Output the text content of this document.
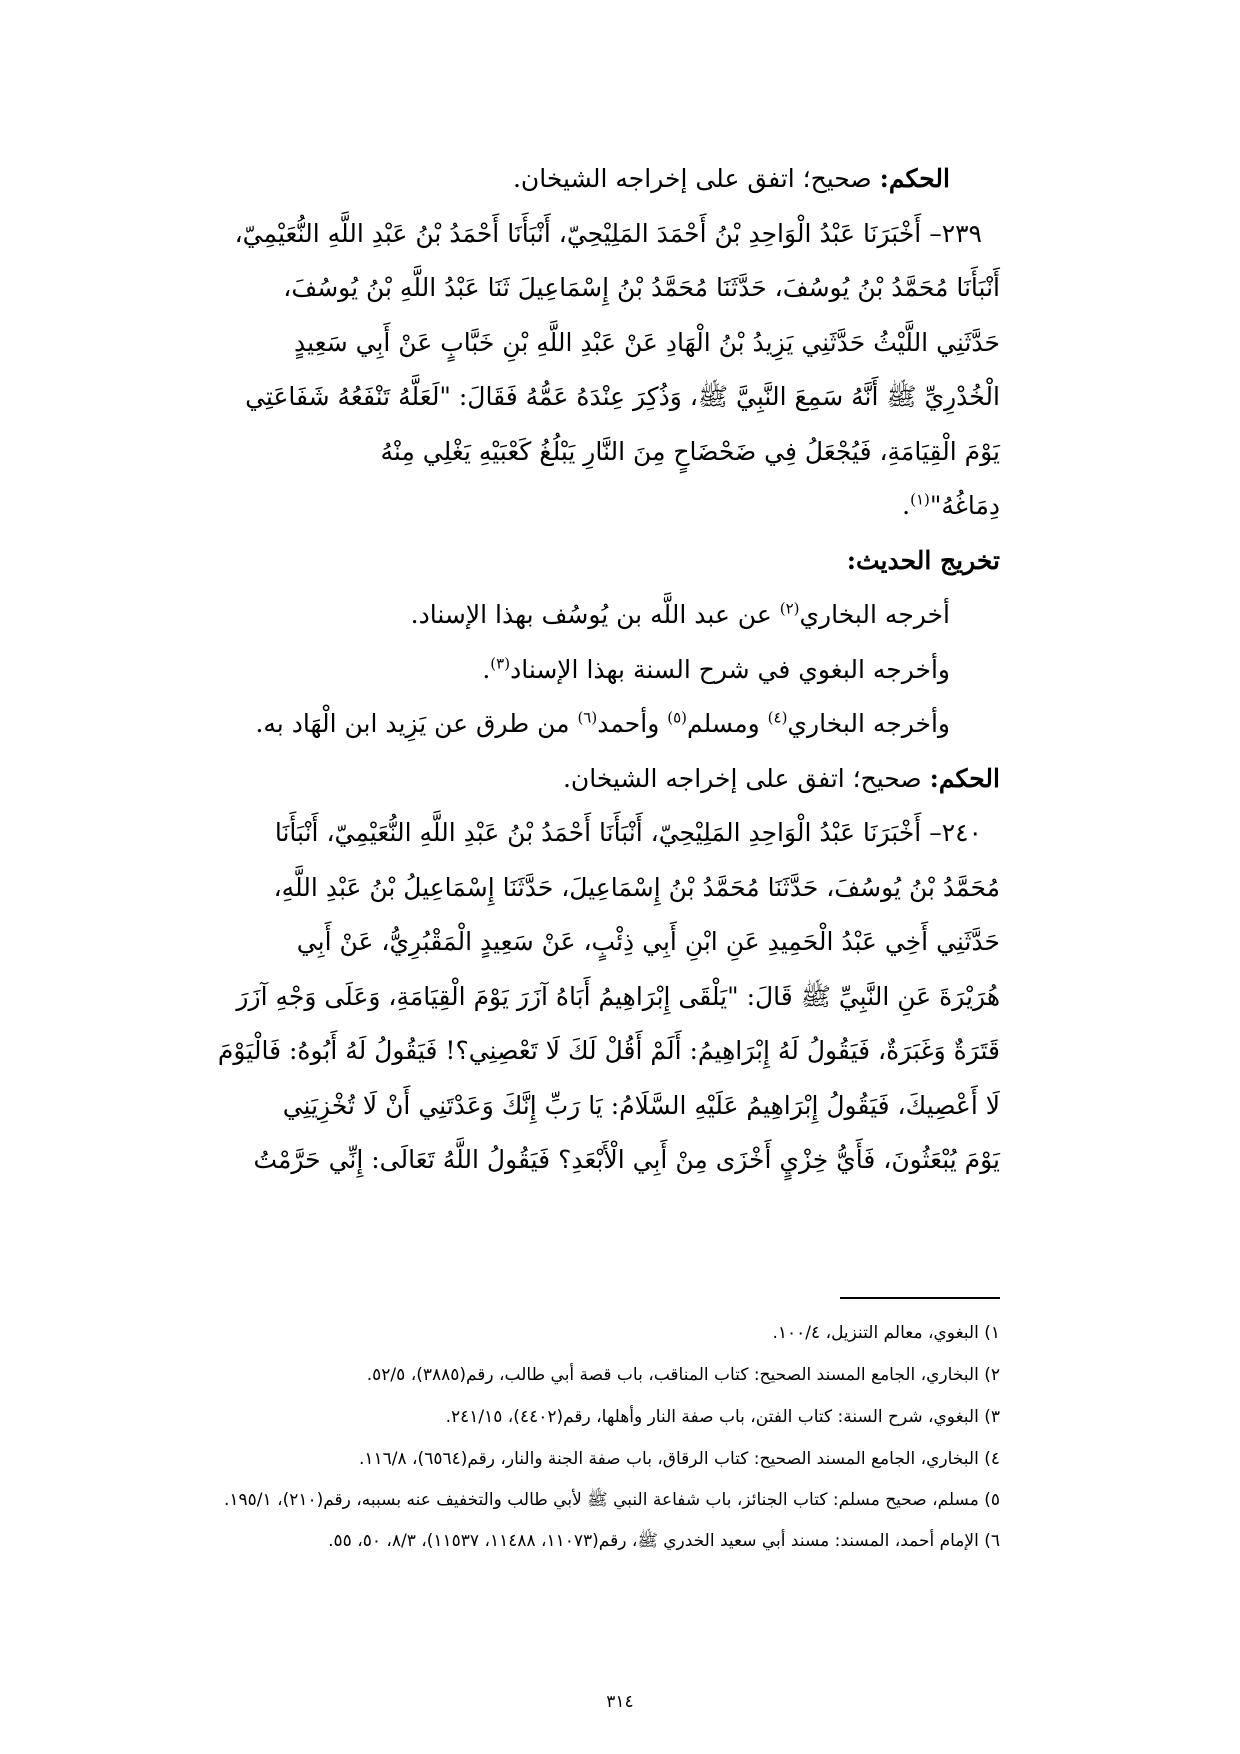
الحكم: صحيح؛ اتفق على إخراجه الشيخان.

٢٣٩– أَخْبَرَنَا عَبْدُ الْوَاحِدِ بْنُ أَحْمَدَ المَلِيْحِيّ، أَنْبَأَنَا أَحْمَدُ بْنُ عَبْدِ اللَّهِ النُّعَيْمِيّ،

أَنْبَأَنَا مُحَمَّدُ بْنُ يُوسُفَ، حَدَّثَنَا مُحَمَّدُ بْنُ إِسْمَاعِيلَ ثَنَا عَبْدُ اللَّهِ بْنُ يُوسُفَ،

حَدَّثَنِي اللَّيْثُ حَدَّثَنِي يَزِيدُ بْنُ الْهَادِ عَنْ عَبْدِ اللَّهِ بْنِ خَبَّابٍ عَنْ أَبِي سَعِيدٍ

الْخُدْرِيِّ ﷺ أَنَّهُ سَمِعَ النَّبِيَّ ﷺ، وَذُكِرَ عِنْدَهُ عَمُّهُ فَقَالَ: "لَعَلَّهُ تَنْفَعُهُ شَفَاعَتِي

يَوْمَ الْقِيَامَةِ، فَيُجْعَلُ فِي ضَحْضَاحٍ مِنَ النَّارِ يَبْلُغُ كَعْبَيْهِ يَغْلِي مِنْهُ

دِمَاغُهُ"$^{(١)}$.

تخريج الحديث:

أخرجه البخاري$^{(٢)}$ عن عبد اللَّه بن يُوسُف بهذا الإسناد.

وأخرجه البغوي في شرح السنة بهذا الإسناد$^{(٣)}$.

وأخرجه البخاري$^{(٤)}$ ومسلم$^{(٥)}$ وأحمد$^{(٦)}$ من طرق عن يَزِيد ابن الْهَاد به.

الحكم: صحيح؛ اتفق على إخراجه الشيخان.

٢٤٠– أَخْبَرَنَا عَبْدُ الْوَاحِدِ المَلِيْحِيّ، أَنْبَأَنَا أَحْمَدُ بْنُ عَبْدِ اللَّهِ النُّعَيْمِيّ، أَنْبَأَنَا

مُحَمَّدُ بْنُ يُوسُفَ، حَدَّثَنَا مُحَمَّدُ بْنُ إِسْمَاعِيلَ، حَدَّثَنَا إِسْمَاعِيلُ بْنُ عَبْدِ اللَّهِ،

حَدَّثَنِي أَخِي عَبْدُ الْحَمِيدِ عَنِ ابْنِ أَبِي ذِئْبٍ، عَنْ سَعِيدٍ الْمَقْبُرِيُّ، عَنْ أَبِي

هُرَيْرَةَ عَنِ النَّبِيِّ ﷺ قَالَ: "يَلْقَى إِبْرَاهِيمُ أَبَاهُ آزَرَ يَوْمَ الْقِيَامَةِ، وَعَلَى وَجْهِ آزَرَ

قَتَرَةٌ وَغَبَرَةٌ، فَيَقُولُ لَهُ إِبْرَاهِيمُ: أَلَمْ أَقُلْ لَكَ لَا تَعْصِنِي؟! فَيَقُولُ لَهُ أَبُوهُ: فَالْيَوْمَ

لَا أَعْصِيكَ، فَيَقُولُ إِبْرَاهِيمُ عَلَيْهِ السَّلَامُ: يَا رَبِّ إِنَّكَ وَعَدْتَنِي أَنْ لَا تُخْزِيَنِي

يَوْمَ يُبْعَثُونَ، فَأَيُّ خِزْيٍ أَخْزَى مِنْ أَبِي الْأَبْعَدِ؟ فَيَقُولُ اللَّهُ تَعَالَى: إِنِّي حَرَّمْتُ

١) البغوي، معالم التنزيل، ١٠٠/٤.

٢) البخاري، الجامع المسند الصحيح: كتاب المناقب، باب قصة أبي طالب، رقم(٣٨٨٥)، ٥٢/٥.

٣) البغوي، شرح السنة: كتاب الفتن، باب صفة النار وأهلها، رقم(٤٤٠٢)، ٢٤١/١٥.

٤) البخاري، الجامع المسند الصحيح: كتاب الرقاق، باب صفة الجنة والنار، رقم(٦٥٦٤)، ١١٦/٨.

٥) مسلم، صحيح مسلم: كتاب الجنائز، باب شفاعة النبي ﷺ لأبي طالب والتخفيف عنه بسببه، رقم(٢١٠)، ١٩٥/١.

٦) الإمام أحمد، المسند: مسند أبي سعيد الخدري ﷺ، رقم(١١٠٧٣، ١١٤٨٨، ١١٥٣٧)، ٨/٣، ٥٠، ٥٥.

٣١٤
